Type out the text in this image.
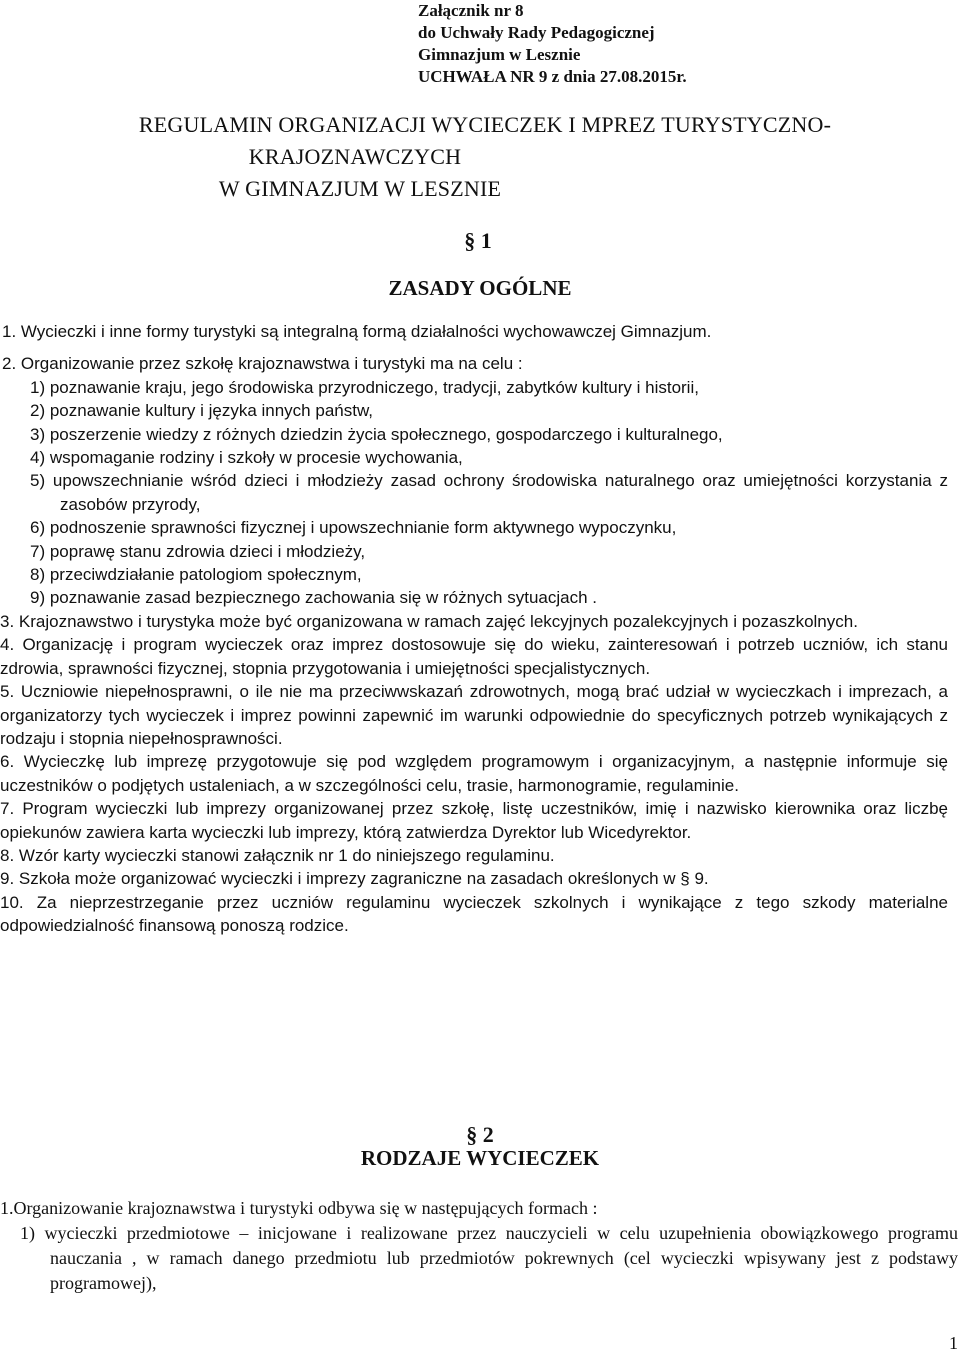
Załącznik nr 8
do Uchwały Rady Pedagogicznej
Gimnazjum w Lesznie
UCHWAŁA NR 9 z dnia 27.08.2015r.
REGULAMIN ORGANIZACJI WYCIECZEK I MPREZ TURYSTYCZNO-
KRAJOZNAWCZYCH
W GIMNAZJUM W LESZNIE
§ 1
ZASADY OGÓLNE
1. Wycieczki i inne formy turystyki są integralną formą działalności wychowawczej Gimnazjum.
2. Organizowanie przez szkołę krajoznawstwa i turystyki ma na celu :
1) poznawanie kraju, jego środowiska przyrodniczego, tradycji, zabytków kultury i historii,
2) poznawanie kultury i języka innych państw,
3) poszerzenie wiedzy z różnych dziedzin życia społecznego, gospodarczego i kulturalnego,
4) wspomaganie rodziny i szkoły w procesie wychowania,
5) upowszechnianie wśród dzieci i młodzieży zasad ochrony środowiska naturalnego oraz umiejętności korzystania z zasobów przyrody,
6) podnoszenie sprawności fizycznej i upowszechnianie form aktywnego wypoczynku,
7) poprawę stanu zdrowia dzieci i młodzieży,
8) przeciwdziałanie patologiom społecznym,
9) poznawanie zasad bezpiecznego zachowania się w różnych sytuacjach .
3. Krajoznawstwo i turystyka może być organizowana w ramach zajęć lekcyjnych pozalekcyjnych i pozaszkolnych.
4. Organizację i program wycieczek oraz imprez dostosowuje się do wieku, zainteresowań i potrzeb uczniów, ich stanu zdrowia, sprawności fizycznej, stopnia przygotowania i umiejętności specjalistycznych.
5. Uczniowie niepełnosprawni, o ile nie ma przeciwwskazań zdrowotnych, mogą brać udział w wycieczkach i imprezach, a organizatorzy tych wycieczek i imprez powinni zapewnić im warunki odpowiednie do specyficznych potrzeb wynikających z rodzaju i stopnia niepełnosprawności.
6. Wycieczkę lub imprezę przygotowuje się pod względem programowym i organizacyjnym, a następnie informuje się uczestników o podjętych ustaleniach, a w szczególności celu, trasie, harmonogramie, regulaminie.
7. Program wycieczki lub imprezy organizowanej przez szkołę, listę uczestników, imię i nazwisko kierownika oraz liczbę opiekunów zawiera karta wycieczki lub imprezy, którą zatwierdza Dyrektor lub Wicedyrektor.
8. Wzór karty wycieczki stanowi załącznik nr 1 do niniejszego regulaminu.
9. Szkoła może organizować wycieczki i imprezy zagraniczne na zasadach określonych w § 9.
10. Za nieprzestrzeganie przez uczniów regulaminu wycieczek szkolnych i wynikające z tego szkody materialne odpowiedzialność finansową ponoszą rodzice.
§ 2
RODZAJE WYCIECZEK
1.Organizowanie krajoznawstwa i turystyki odbywa się w następujących formach :
1) wycieczki przedmiotowe – inicjowane i realizowane przez nauczycieli w celu uzupełnienia obowiązkowego programu nauczania , w ramach danego przedmiotu lub przedmiotów pokrewnych (cel wycieczki wpisywany jest z podstawy programowej),
1
